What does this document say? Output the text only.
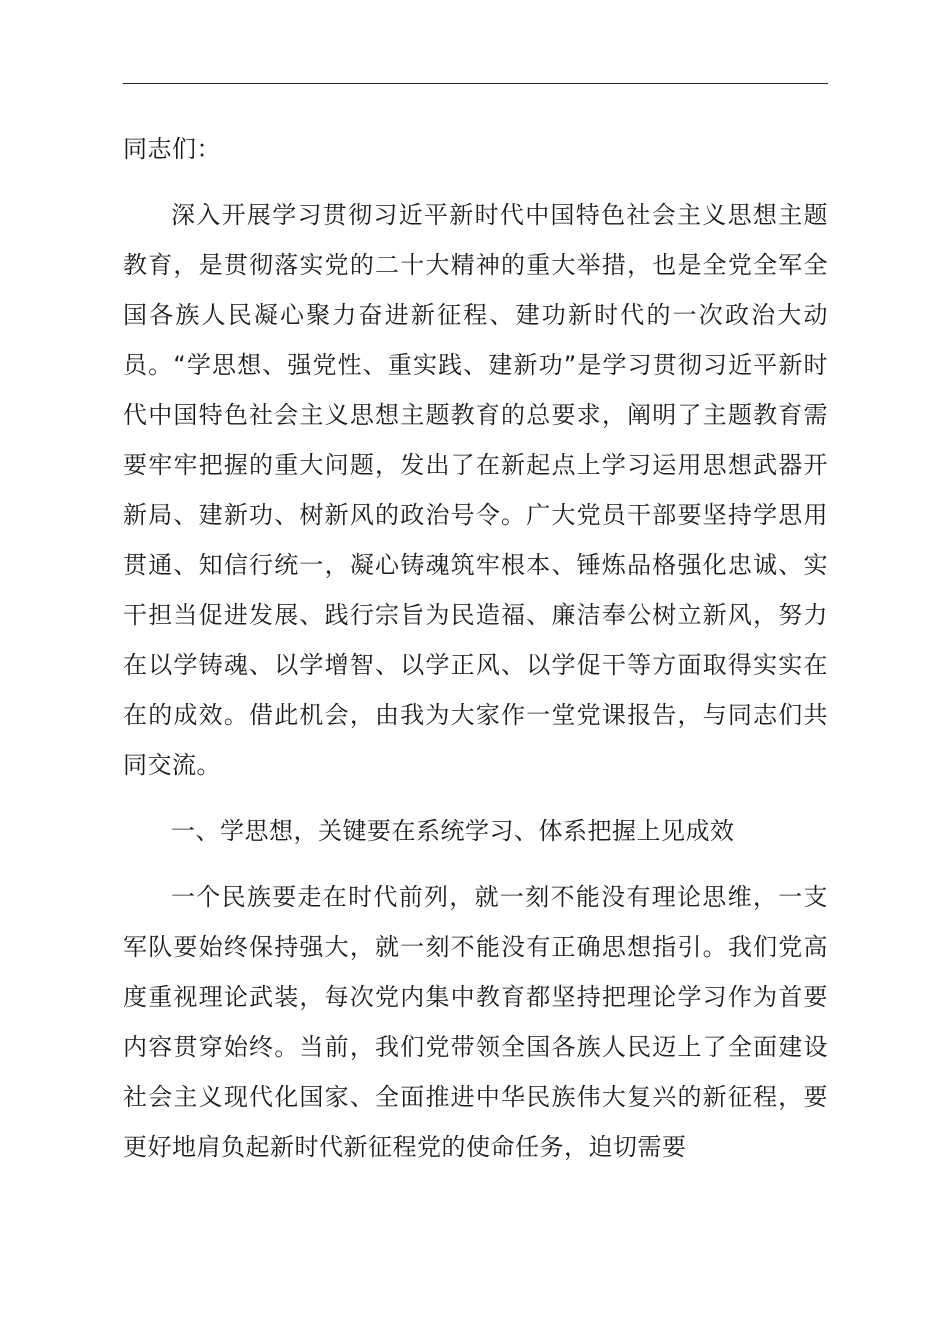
同志们：

深入开展学习贯彻习近平新时代中国特色社会主义思想主题教育，是贯彻落实党的二十大精神的重大举措，也是全党全军全国各族人民凝心聚力奋进新征程、建功新时代的一次政治大动员。“学思想、强党性、重实践、建新功”是学习贯彻习近平新时代中国特色社会主义思想主题教育的总要求，阐明了主题教育需要牢牢把握的重大问题，发出了在新起点上学习运用思想武器开新局、建新功、树新风的政治号令。广大党员干部要坚持学思用贯通、知信行统一，凝心铸魂筑牢根本、锤炼品格强化忠诚、实干担当促进发展、践行宗旨为民造福、廉洁奉公树立新风，努力在以学铸魂、以学增智、以学正风、以学促干等方面取得实实在在的成效。借此机会，由我为大家作一堂党课报告，与同志们共同交流。

一、学思想，关键要在系统学习、体系把握上见成效

一个民族要走在时代前列，就一刻不能没有理论思维，一支军队要始终保持强大，就一刻不能没有正确思想指引。我们党高度重视理论武装，每次党内集中教育都坚持把理论学习作为首要内容贯穿始终。当前，我们党带领全国各族人民迈上了全面建设社会主义现代化国家、全面推进中华民族伟大复兴的新征程，要更好地肩负起新时代新征程党的使命任务，迫切需要
